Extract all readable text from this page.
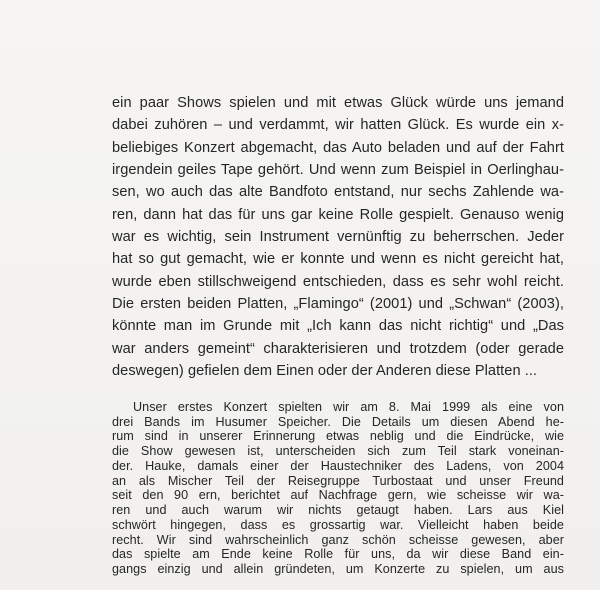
ein paar Shows spielen und mit etwas Glück würde uns jemand
dabei zuhören – und verdammt, wir hatten Glück. Es wurde ein x-
beliebiges Konzert abgemacht, das Auto beladen und auf der Fahrt
irgendein geiles Tape gehört. Und wenn zum Beispiel in Oerlinghau-
sen, wo auch das alte Bandfoto entstand, nur sechs Zahlende wa-
ren, dann hat das für uns gar keine Rolle gespielt. Genauso wenig
war es wichtig, sein Instrument vernünftig zu beherrschen. Jeder
hat so gut gemacht, wie er konnte und wenn es nicht gereicht hat,
wurde eben stillschweigend entschieden, dass es sehr wohl reicht.
Die ersten beiden Platten, „Flamingo“ (2001) und „Schwan“ (2003),
könnte man im Grunde mit „Ich kann das nicht richtig“ und „Das
war anders gemeint“ charakterisieren und trotzdem (oder gerade
deswegen) gefielen dem Einen oder der Anderen diese Platten ...
Unser erstes Konzert spielten wir am 8. Mai 1999 als eine von
drei Bands im Husumer Speicher. Die Details um diesen Abend he-
rum sind in unserer Erinnerung etwas neblig und die Eindrücke, wie
die Show gewesen ist, unterscheiden sich zum Teil stark voneinan-
der. Hauke, damals einer der Haustechniker des Ladens, von 2004
an als Mischer Teil der Reisegruppe Turbostaat und unser Freund
seit den 90 ern, berichtet auf Nachfrage gern, wie scheisse wir wa-
ren und auch warum wir nichts getaugt haben. Lars aus Kiel
schwört hingegen, dass es grossartig war. Vielleicht haben beide
recht. Wir sind wahrscheinlich ganz schön scheisse gewesen, aber
das spielte am Ende keine Rolle für uns, da wir diese Band ein-
gangs einzig und allein gründeten, um Konzerte zu spielen, um aus
